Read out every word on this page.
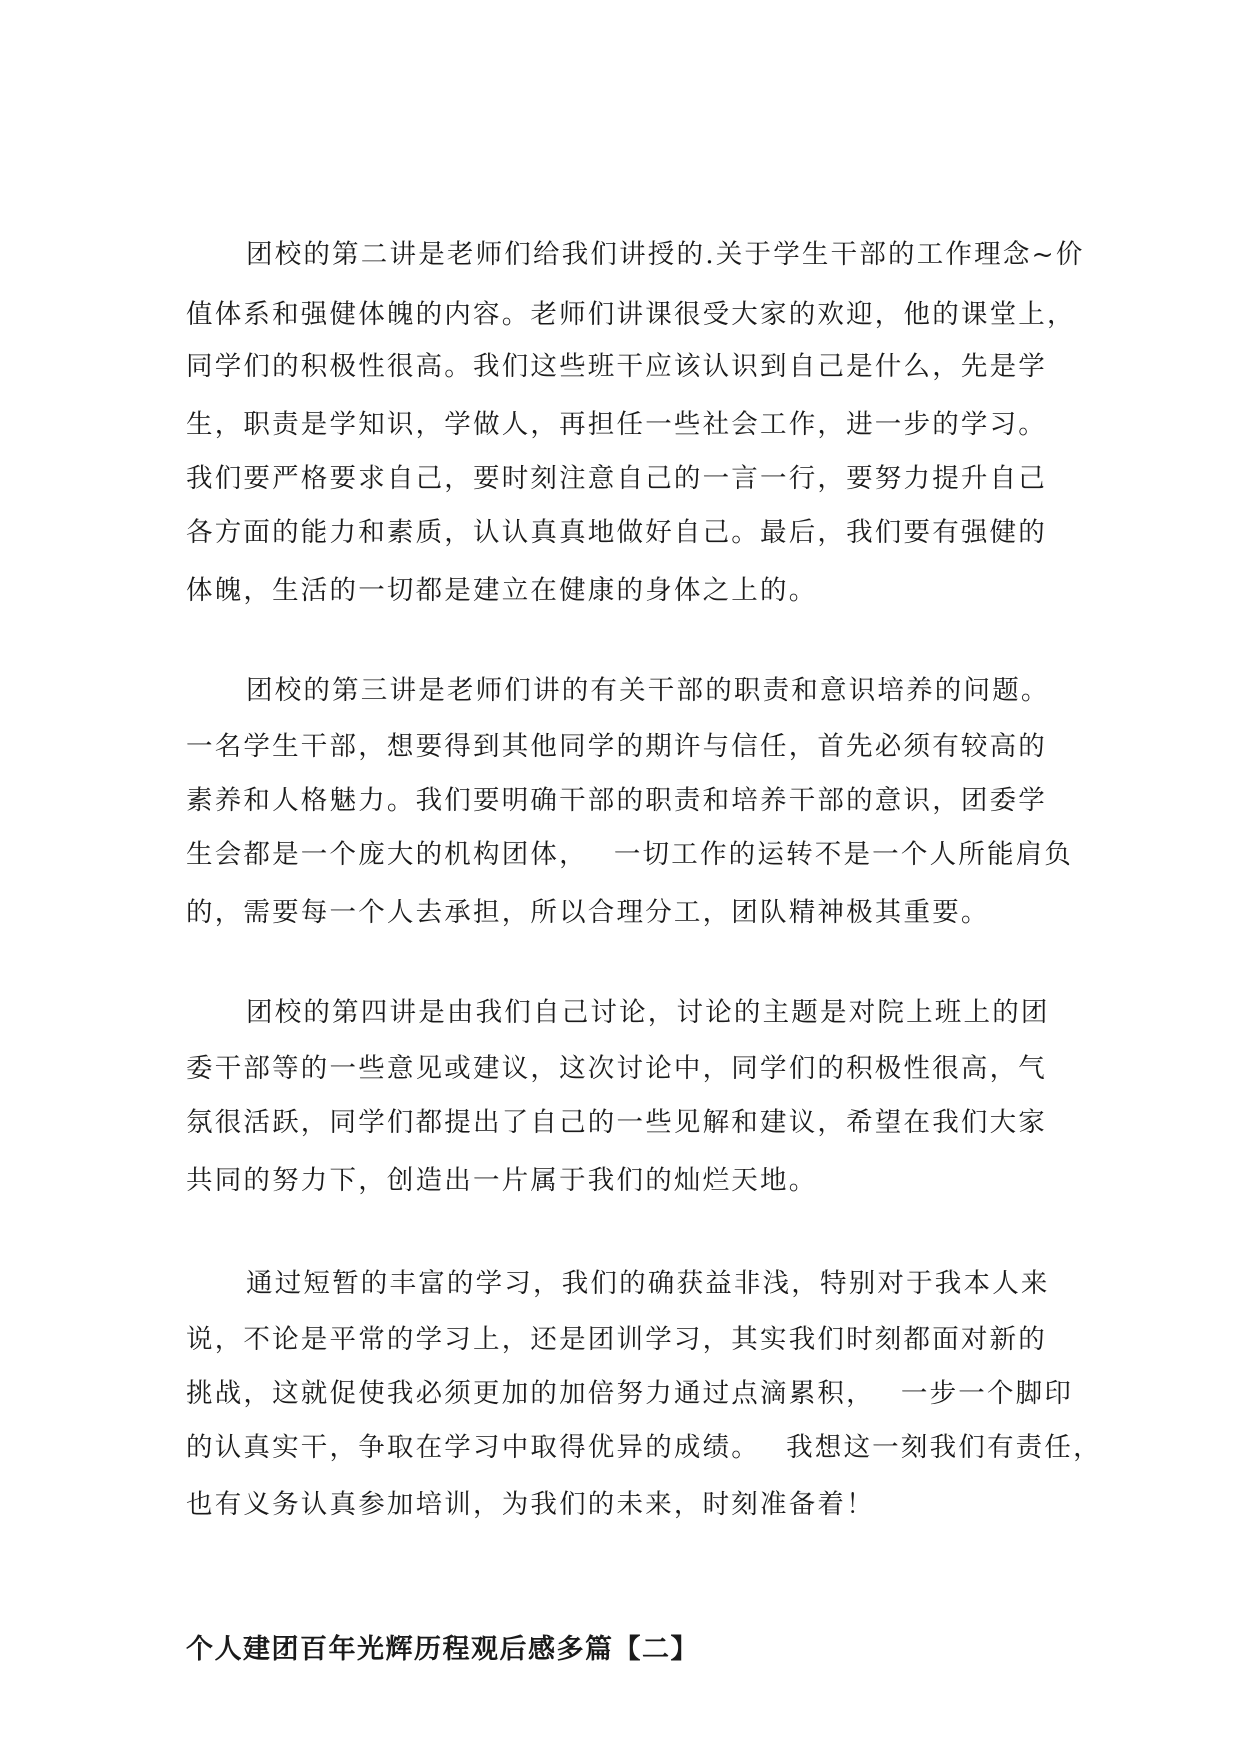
团校的第二讲是老师们给我们讲授的.关于学生干部的工作理念~价
值体系和强健体魄的内容。老师们讲课很受大家的欢迎，他的课堂上，
同学们的积极性很高。我们这些班干应该认识到自己是什么，先是学
生，职责是学知识，学做人，再担任一些社会工作，进一步的学习。
我们要严格要求自己，要时刻注意自己的一言一行，要努力提升自己
各方面的能力和素质，认认真真地做好自己。最后，我们要有强健的
体魄，生活的一切都是建立在健康的身体之上的。
团校的第三讲是老师们讲的有关干部的职责和意识培养的问题。
一名学生干部，想要得到其他同学的期许与信任，首先必须有较高的
素养和人格魅力。我们要明确干部的职责和培养干部的意识，团委学
生会都是一个庞大的机构团体，　 一切工作的运转不是一个人所能肩负
的，需要每一个人去承担，所以合理分工，团队精神极其重要。
团校的第四讲是由我们自己讨论，讨论的主题是对院上班上的团
委干部等的一些意见或建议，这次讨论中，同学们的积极性很高，气
氛很活跃，同学们都提出了自己的一些见解和建议，希望在我们大家
共同的努力下，创造出一片属于我们的灿烂天地。
通过短暂的丰富的学习，我们的确获益非浅，特别对于我本人来
说，不论是平常的学习上，还是团训学习，其实我们时刻都面对新的
挑战，这就促使我必须更加的加倍努力通过点滴累积，　 一步一个脚印
的认真实干，争取在学习中取得优异的成绩。　 我想这一刻我们有责任，
也有义务认真参加培训，为我们的未来，时刻准备着！
个人建团百年光辉历程观后感多篇【二】
